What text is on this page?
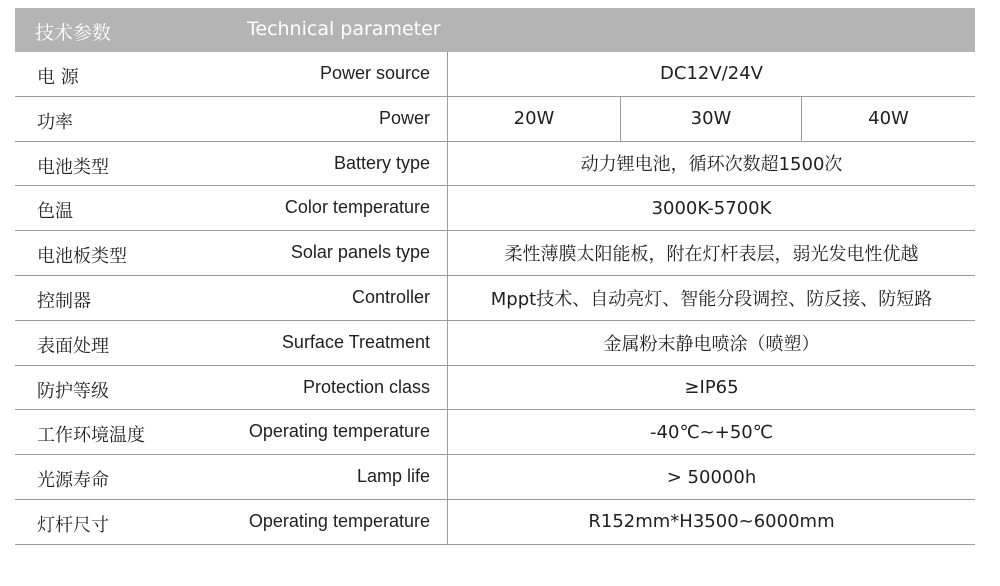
技术参数	Technical parameter
电 源	Power source	DC12V/24V
功率	Power	20W	30W	40W
电池类型	Battery type	动力锂电池，循环次数超1500次
色温	Color temperature	3000K-5700K
电池板类型	Solar panels type	柔性薄膜太阳能板，附在灯杆表层，弱光发电性优越
控制器	Controller	Mppt技术、自动亮灯、智能分段调控、防反接、防短路
表面处理	Surface Treatment	金属粉末静电喷涂（喷塑）
防护等级	Protection class	≥IP65
工作环境温度	Operating temperature	-40℃~+50℃
光源寿命	Lamp life	> 50000h
灯杆尺寸	Operating temperature	R152mm*H3500~6000mm
